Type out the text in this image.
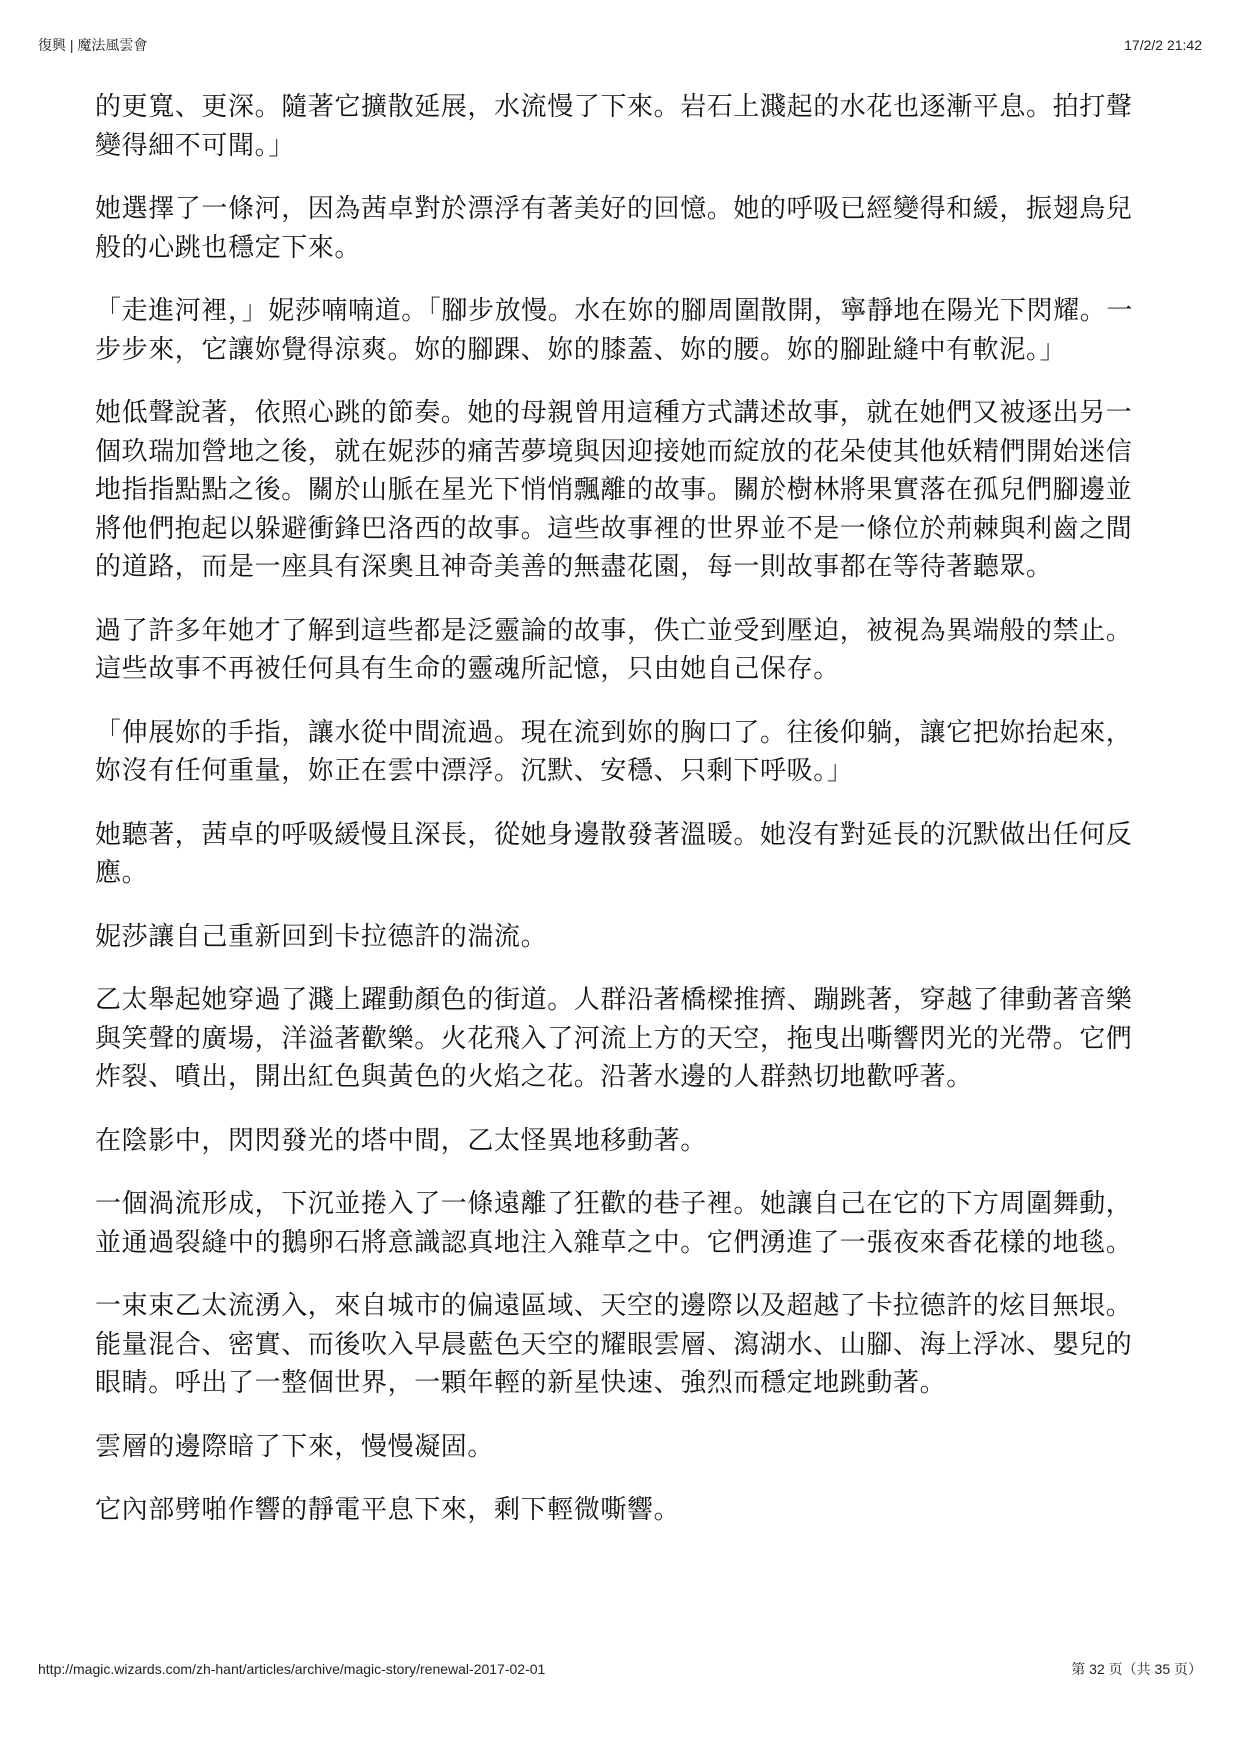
復興 | 魔法風雲會	17/2/2 21:42

的更寬、更深。隨著它擴散延展，水流慢了下來。岩石上濺起的水花也逐漸平息。拍打聲變得細不可聞。」

她選擇了一條河，因為茜卓對於漂浮有著美好的回憶。她的呼吸已經變得和緩，振翅鳥兒般的心跳也穩定下來。

「走進河裡，」妮莎喃喃道。「腳步放慢。水在妳的腳周圍散開，寧靜地在陽光下閃耀。一步步來，它讓妳覺得涼爽。妳的腳踝、妳的膝蓋、妳的腰。妳的腳趾縫中有軟泥。」

她低聲說著，依照心跳的節奏。她的母親曾用這種方式講述故事，就在她們又被逐出另一個玖瑞加營地之後，就在妮莎的痛苦夢境與因迎接她而綻放的花朵使其他妖精們開始迷信地指指點點之後。關於山脈在星光下悄悄飄離的故事。關於樹林將果實落在孤兒們腳邊並將他們抱起以躲避衝鋒巴洛西的故事。這些故事裡的世界並不是一條位於荊棘與利齒之間的道路，而是一座具有深奧且神奇美善的無盡花園，每一則故事都在等待著聽眾。

過了許多年她才了解到這些都是泛靈論的故事，佚亡並受到壓迫，被視為異端般的禁止。這些故事不再被任何具有生命的靈魂所記憶，只由她自己保存。

「伸展妳的手指，讓水從中間流過。現在流到妳的胸口了。往後仰躺，讓它把妳抬起來，妳沒有任何重量，妳正在雲中漂浮。沉默、安穩、只剩下呼吸。」

她聽著，茜卓的呼吸緩慢且深長，從她身邊散發著溫暖。她沒有對延長的沉默做出任何反應。

妮莎讓自己重新回到卡拉德許的湍流。

乙太舉起她穿過了濺上躍動顏色的街道。人群沿著橋樑推擠、蹦跳著，穿越了律動著音樂與笑聲的廣場，洋溢著歡樂。火花飛入了河流上方的天空，拖曳出嘶響閃光的光帶。它們炸裂、噴出，開出紅色與黃色的火焰之花。沿著水邊的人群熱切地歡呼著。

在陰影中，閃閃發光的塔中間，乙太怪異地移動著。

一個渦流形成，下沉並捲入了一條遠離了狂歡的巷子裡。她讓自己在它的下方周圍舞動，並通過裂縫中的鵝卵石將意識認真地注入雜草之中。它們湧進了一張夜來香花樣的地毯。

一束束乙太流湧入，來自城市的偏遠區域、天空的邊際以及超越了卡拉德許的炫目無垠。能量混合、密實、而後吹入早晨藍色天空的耀眼雲層、瀉湖水、山腳、海上浮冰、嬰兒的眼睛。呼出了一整個世界，一顆年輕的新星快速、強烈而穩定地跳動著。

雲層的邊際暗了下來，慢慢凝固。

它內部劈啪作響的靜電平息下來，剩下輕微嘶響。

http://magic.wizards.com/zh-hant/articles/archive/magic-story/renewal-2017-02-01	第 32 页（共 35 页）
